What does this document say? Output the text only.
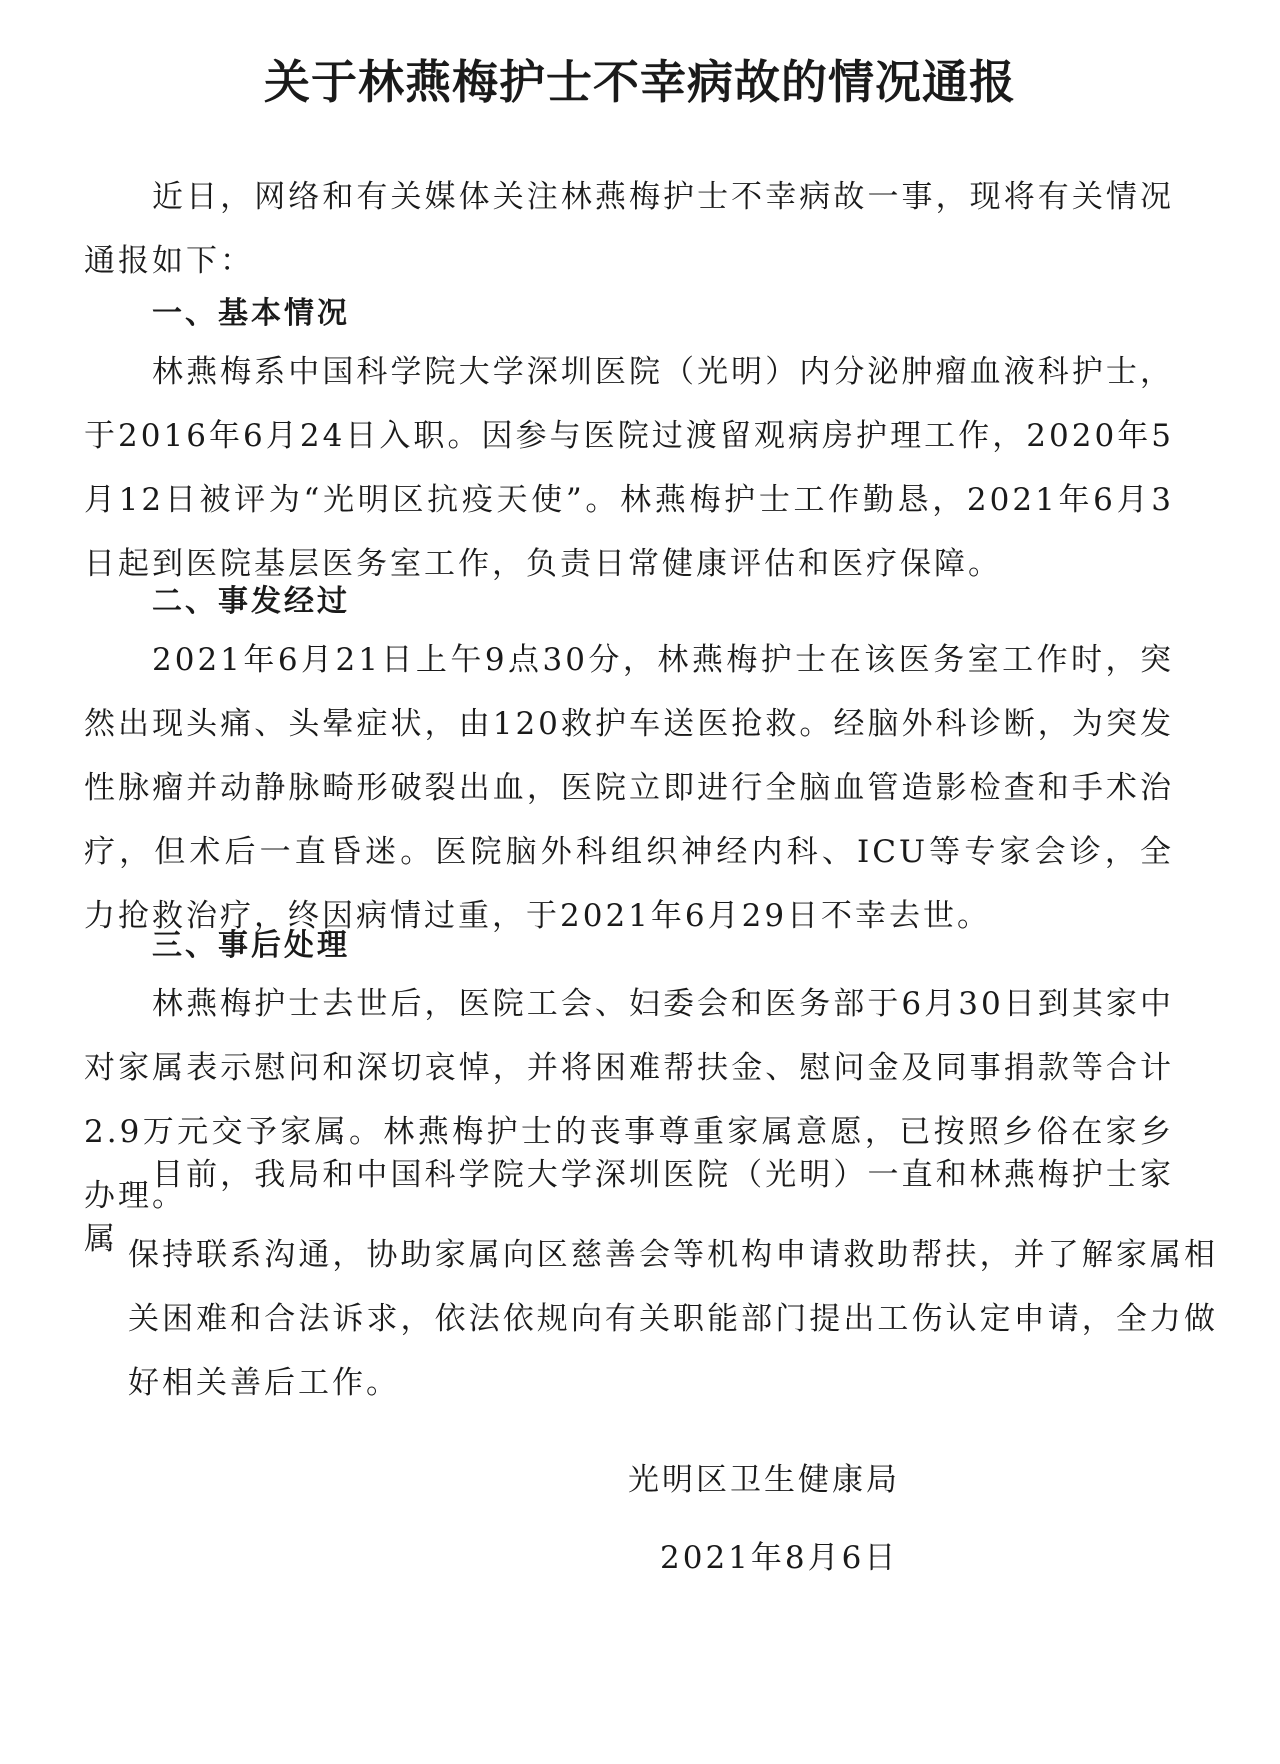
关于林燕梅护士不幸病故的情况通报

近日，网络和有关媒体关注林燕梅护士不幸病故一事，现将有关情况通报如下：

一、基本情况

林燕梅系中国科学院大学深圳医院（光明）内分泌肿瘤血液科护士，于2016年6月24日入职。因参与医院过渡留观病房护理工作，2020年5月12日被评为“光明区抗疫天使”。林燕梅护士工作勤恳，2021年6月3日起到医院基层医务室工作，负责日常健康评估和医疗保障。

二、事发经过

2021年6月21日上午9点30分，林燕梅护士在该医务室工作时，突然出现头痛、头晕症状，由120救护车送医抢救。经脑外科诊断，为突发性脉瘤并动静脉畸形破裂出血，医院立即进行全脑血管造影检查和手术治疗，但术后一直昏迷。医院脑外科组织神经内科、ICU等专家会诊，全力抢救治疗，终因病情过重，于2021年6月29日不幸去世。

三、事后处理

林燕梅护士去世后，医院工会、妇委会和医务部于6月30日到其家中对家属表示慰问和深切哀悼，并将困难帮扶金、慰问金及同事捐款等合计2.9万元交予家属。林燕梅护士的丧事尊重家属意愿，已按照乡俗在家乡办理。

目前，我局和中国科学院大学深圳医院（光明）一直和林燕梅护士家属 保持联系沟通，协助家属向区慈善会等机构申请救助帮扶，并了解家属相关困难和合法诉求，依法依规向有关职能部门提出工伤认定申请，全力做好相关善后工作。

光明区卫生健康局

2021年8月6日
